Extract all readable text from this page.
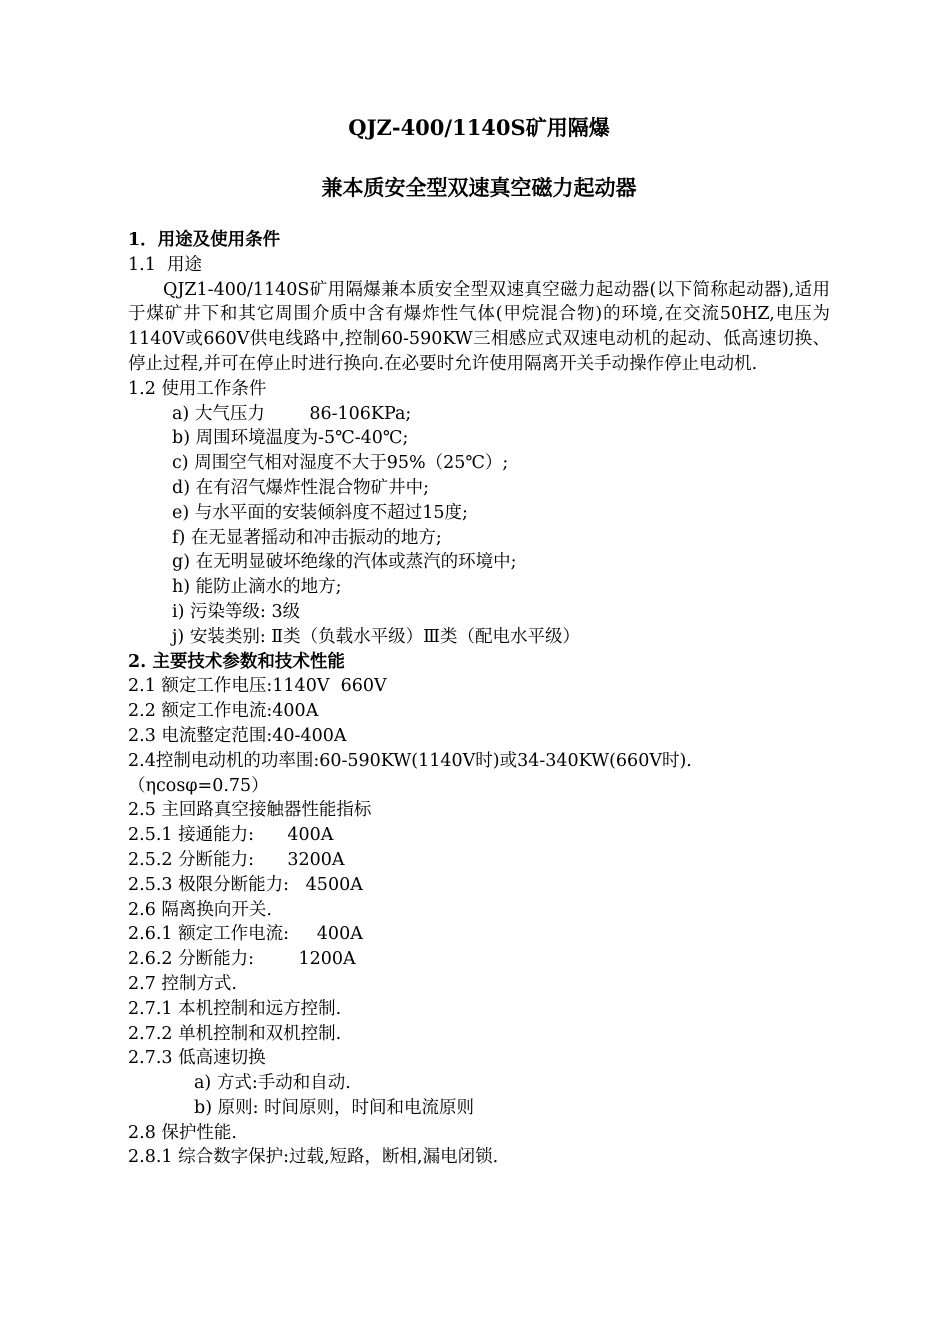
QJZ-400/1140S矿用隔爆

兼本质安全型双速真空磁力起动器

1．用途及使用条件

1.1  用途

QJZ1-400/1140S矿用隔爆兼本质安全型双速真空磁力起动器(以下简称起动器),适用于煤矿井下和其它周围介质中含有爆炸性气体(甲烷混合物)的环境,在交流50HZ,电压为1140V或660V供电线路中,控制60-590KW三相感应式双速电动机的起动、低高速切换、停止过程,并可在停止时进行换向.在必要时允许使用隔离开关手动操作停止电动机.

1.2 使用工作条件

a) 大气压力        86-106KPa;

b) 周围环境温度为-5℃-40℃;

c) 周围空气相对湿度不大于95%（25℃）;

d) 在有沼气爆炸性混合物矿井中;

e) 与水平面的安装倾斜度不超过15度;

f) 在无显著摇动和冲击振动的地方;

g) 在无明显破坏绝缘的汽体或蒸汽的环境中;

h) 能防止滴水的地方;

i) 污染等级: 3级

j) 安装类别: Ⅱ类（负载水平级）Ⅲ类（配电水平级）

2. 主要技术参数和技术性能

2.1 额定工作电压:1140V  660V

2.2 额定工作电流:400A

2.3 电流整定范围:40-400A

2.4控制电动机的功率围:60-590KW(1140V时)或34-340KW(660V时).

（ηcosφ=0.75）

2.5 主回路真空接触器性能指标

2.5.1 接通能力:      400A

2.5.2 分断能力:      3200A

2.5.3 极限分断能力:   4500A

2.6 隔离换向开关.

2.6.1 额定工作电流:     400A

2.6.2 分断能力:        1200A

2.7 控制方式.

2.7.1 本机控制和远方控制.

2.7.2 单机控制和双机控制.

2.7.3 低高速切换

a) 方式:手动和自动.

b) 原则: 时间原则，时间和电流原则

2.8 保护性能.

2.8.1 综合数字保护:过载,短路，断相,漏电闭锁.
